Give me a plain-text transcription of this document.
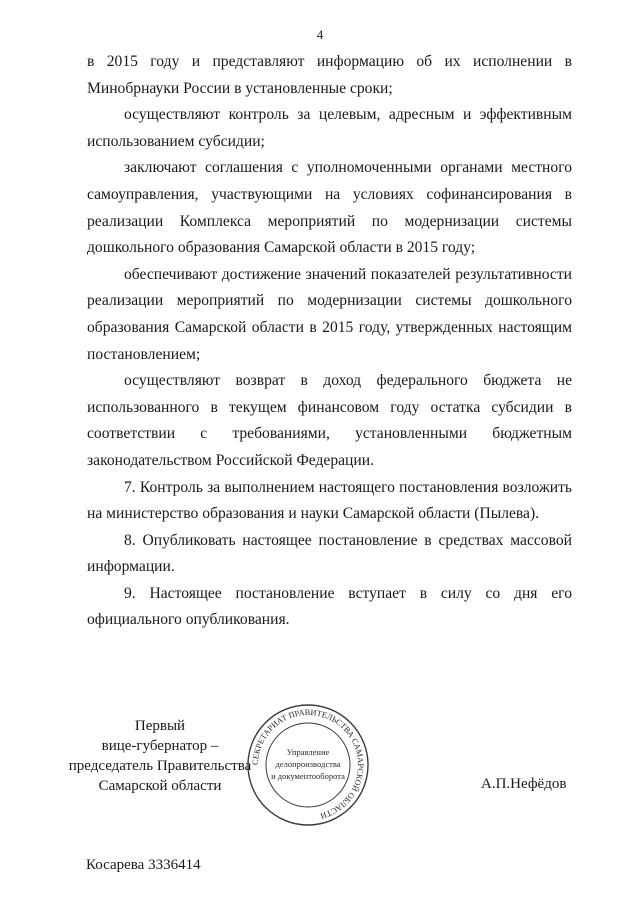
4

в 2015 году и представляют информацию об их исполнении в Минобрнауки России в установленные сроки;

осуществляют контроль за целевым, адресным и эффективным использованием субсидии;

заключают соглашения с уполномоченными органами местного самоуправления, участвующими на условиях софинансирования в реализации Комплекса мероприятий по модернизации системы дошкольного образования Самарской области в 2015 году;

обеспечивают достижение значений показателей результативности реализации мероприятий по модернизации системы дошкольного образования Самарской области в 2015 году, утвержденных настоящим постановлением;

осуществляют возврат в доход федерального бюджета не использованного в текущем финансовом году остатка субсидии в соответствии с требованиями, установленными бюджетным законодательством Российской Федерации.

7. Контроль за выполнением настоящего постановления возложить на министерство образования и науки Самарской области (Пылева).

8. Опубликовать настоящее постановление в средствах массовой информации.

9. Настоящее постановление вступает в силу со дня его официального опубликования.

Первый
вице-губернатор –
председатель Правительства
Самарской области
СЕКРЕТАРИАТ ПРАВИТЕЛЬСТВА САМАРСКОЙ ОБЛАСТИ
Управление
делопроизводства
и документооборота	А.П.Нефёдов
Косарева 3336414
